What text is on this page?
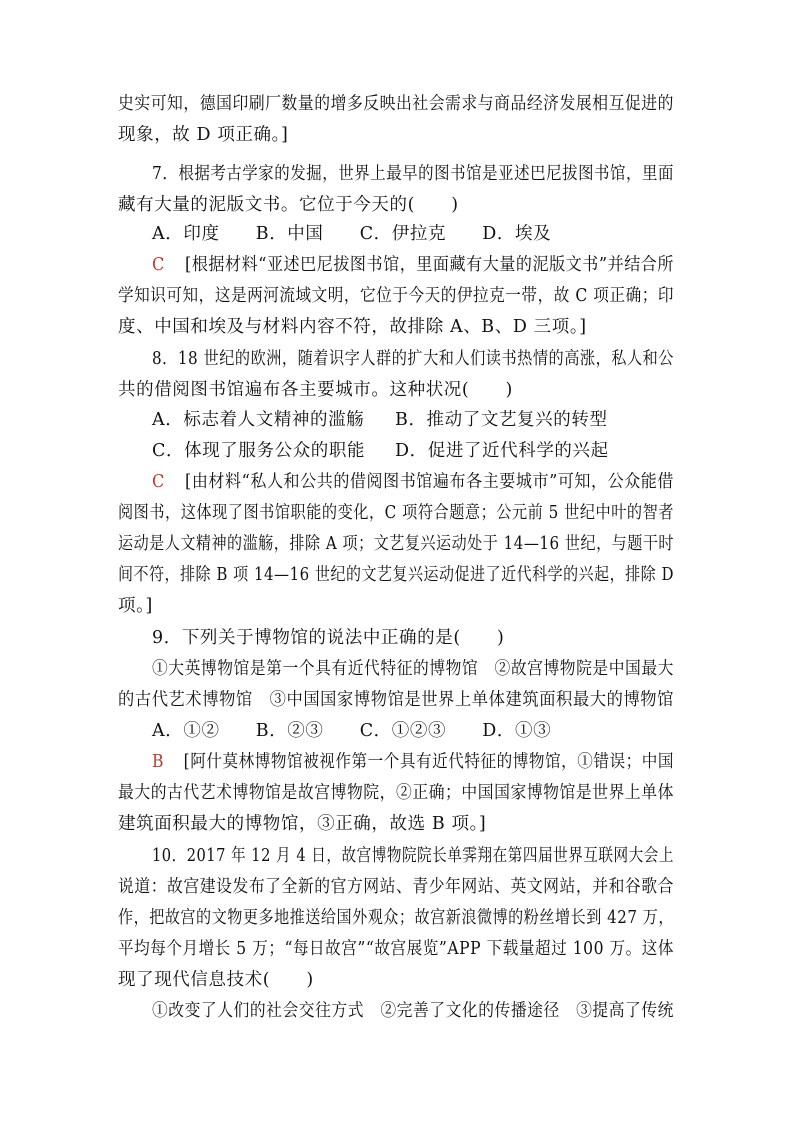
史实可知，德国印刷厂数量的增多反映出社会需求与商品经济发展相互促进的
现象，故 D 项正确。]
7．根据考古学家的发掘，世界上最早的图书馆是亚述巴尼拔图书馆，里面
藏有大量的泥版文书。它位于今天的(　　)
A．印度　　B．中国　　C．伊拉克　　D．埃及
C [根据材料“亚述巴尼拔图书馆，里面藏有大量的泥版文书”并结合所
学知识可知，这是两河流域文明，它位于今天的伊拉克一带，故 C 项正确；印
度、中国和埃及与材料内容不符，故排除 A、B、D 三项。]
8．18 世纪的欧洲，随着识字人群的扩大和人们读书热情的高涨，私人和公
共的借阅图书馆遍布各主要城市。这种状况(　　)
A．标志着人文精神的滥觞 B．推动了文艺复兴的转型
C．体现了服务公众的职能 D．促进了近代科学的兴起
C [由材料“私人和公共的借阅图书馆遍布各主要城市”可知，公众能借
阅图书，这体现了图书馆职能的变化，C 项符合题意；公元前 5 世纪中叶的智者
运动是人文精神的滥觞，排除 A 项；文艺复兴运动处于 14—16 世纪，与题干时
间不符，排除 B 项 14—16 世纪的文艺复兴运动促进了近代科学的兴起，排除 D
项。]
9．下列关于博物馆的说法中正确的是(　　)
①大英博物馆是第一个具有近代特征的博物馆　②故宫博物院是中国最大
的古代艺术博物馆　③中国国家博物馆是世界上单体建筑面积最大的博物馆
A．①②　　B．②③　　C．①②③　　D．①③
B [阿什莫林博物馆被视作第一个具有近代特征的博物馆，①错误；中国
最大的古代艺术博物馆是故宫博物院，②正确；中国国家博物馆是世界上单体
建筑面积最大的博物馆，③正确，故选 B 项。]
10．2017 年 12 月 4 日，故宫博物院院长单霁翔在第四届世界互联网大会上
说道：故宫建设发布了全新的官方网站、青少年网站、英文网站，并和谷歌合
作，把故宫的文物更多地推送给国外观众；故宫新浪微博的粉丝增长到 427 万，
平均每个月增长 5 万；“每日故宫”“故宫展览”APP 下载量超过 100 万。这体
现了现代信息技术(　　)
①改变了人们的社会交往方式　②完善了文化的传播途径　③提高了传统
